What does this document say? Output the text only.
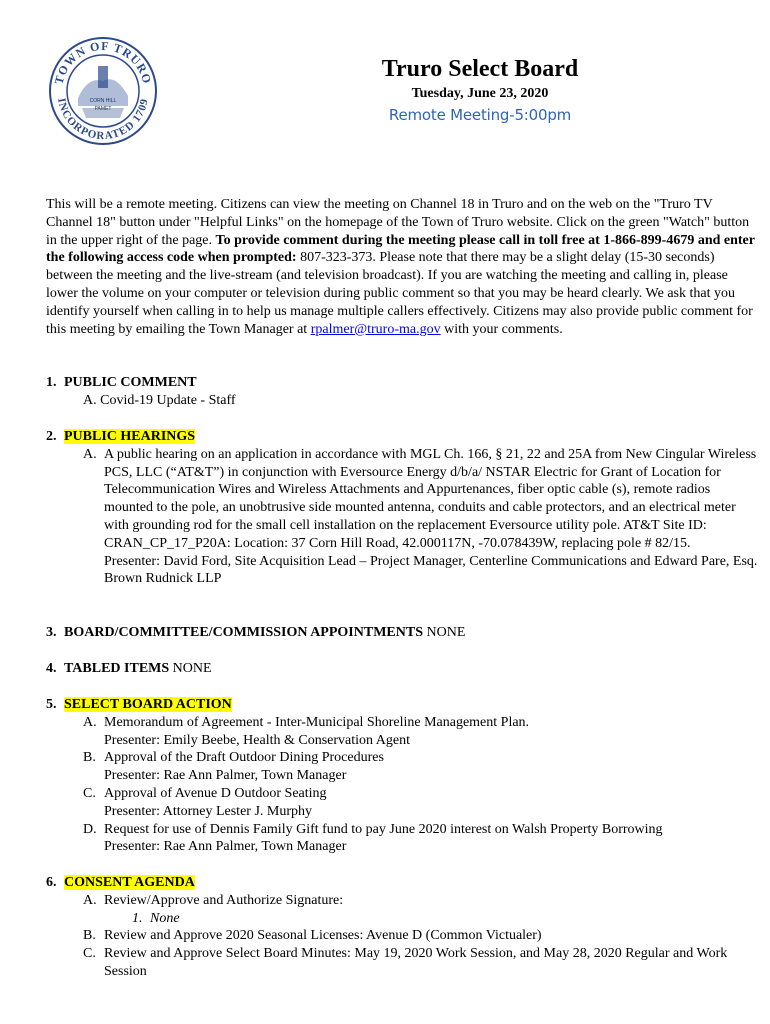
TOWN OF TRURO
INCORPORATED 1709
CORN HILL
PAMET
Truro Select Board
Tuesday, June 23, 2020
Remote Meeting-5:00pm
This will be a remote meeting. Citizens can view the meeting on Channel 18 in Truro and on the web on the "Truro TV Channel 18" button under "Helpful Links" on the homepage of the Town of Truro website. Click on the green "Watch" button in the upper right of the page. To provide comment during the meeting please call in toll free at 1-866-899-4679 and enter the following access code when prompted: 807-323-373. Please note that there may be a slight delay (15-30 seconds) between the meeting and the live-stream (and television broadcast). If you are watching the meeting and calling in, please lower the volume on your computer or television during public comment so that you may be heard clearly. We ask that you identify yourself when calling in to help us manage multiple callers effectively. Citizens may also provide public comment for this meeting by emailing the Town Manager at rpalmer@truro-ma.gov with your comments.
1. PUBLIC COMMENT
A. Covid-19 Update - Staff
2. PUBLIC HEARINGS
A. A public hearing on an application in accordance with MGL Ch. 166, § 21, 22 and 25A from New Cingular Wireless PCS, LLC (“AT&T”) in conjunction with Eversource Energy d/b/a/ NSTAR Electric for Grant of Location for Telecommunication Wires and Wireless Attachments and Appurtenances, fiber optic cable (s), remote radios mounted to the pole, an unobtrusive side mounted antenna, conduits and cable protectors, and an electrical meter with grounding rod for the small cell installation on the replacement Eversource utility pole. AT&T Site ID: CRAN_CP_17_P20A: Location: 37 Corn Hill Road, 42.000117N, -70.078439W, replacing pole # 82/15.
Presenter: David Ford, Site Acquisition Lead – Project Manager, Centerline Communications and Edward Pare, Esq. Brown Rudnick LLP
3. BOARD/COMMITTEE/COMMISSION APPOINTMENTS NONE
4. TABLED ITEMS NONE
5. SELECT BOARD ACTION
A. Memorandum of Agreement - Inter-Municipal Shoreline Management Plan.
Presenter: Emily Beebe, Health & Conservation Agent
B. Approval of the Draft Outdoor Dining Procedures
Presenter: Rae Ann Palmer, Town Manager
C. Approval of Avenue D Outdoor Seating
Presenter: Attorney Lester J. Murphy
D. Request for use of Dennis Family Gift fund to pay June 2020 interest on Walsh Property Borrowing
Presenter: Rae Ann Palmer, Town Manager
6. CONSENT AGENDA
A. Review/Approve and Authorize Signature:
1. None
B. Review and Approve 2020 Seasonal Licenses: Avenue D (Common Victualer)
C. Review and Approve Select Board Minutes: May 19, 2020 Work Session, and May 28, 2020 Regular and Work Session
